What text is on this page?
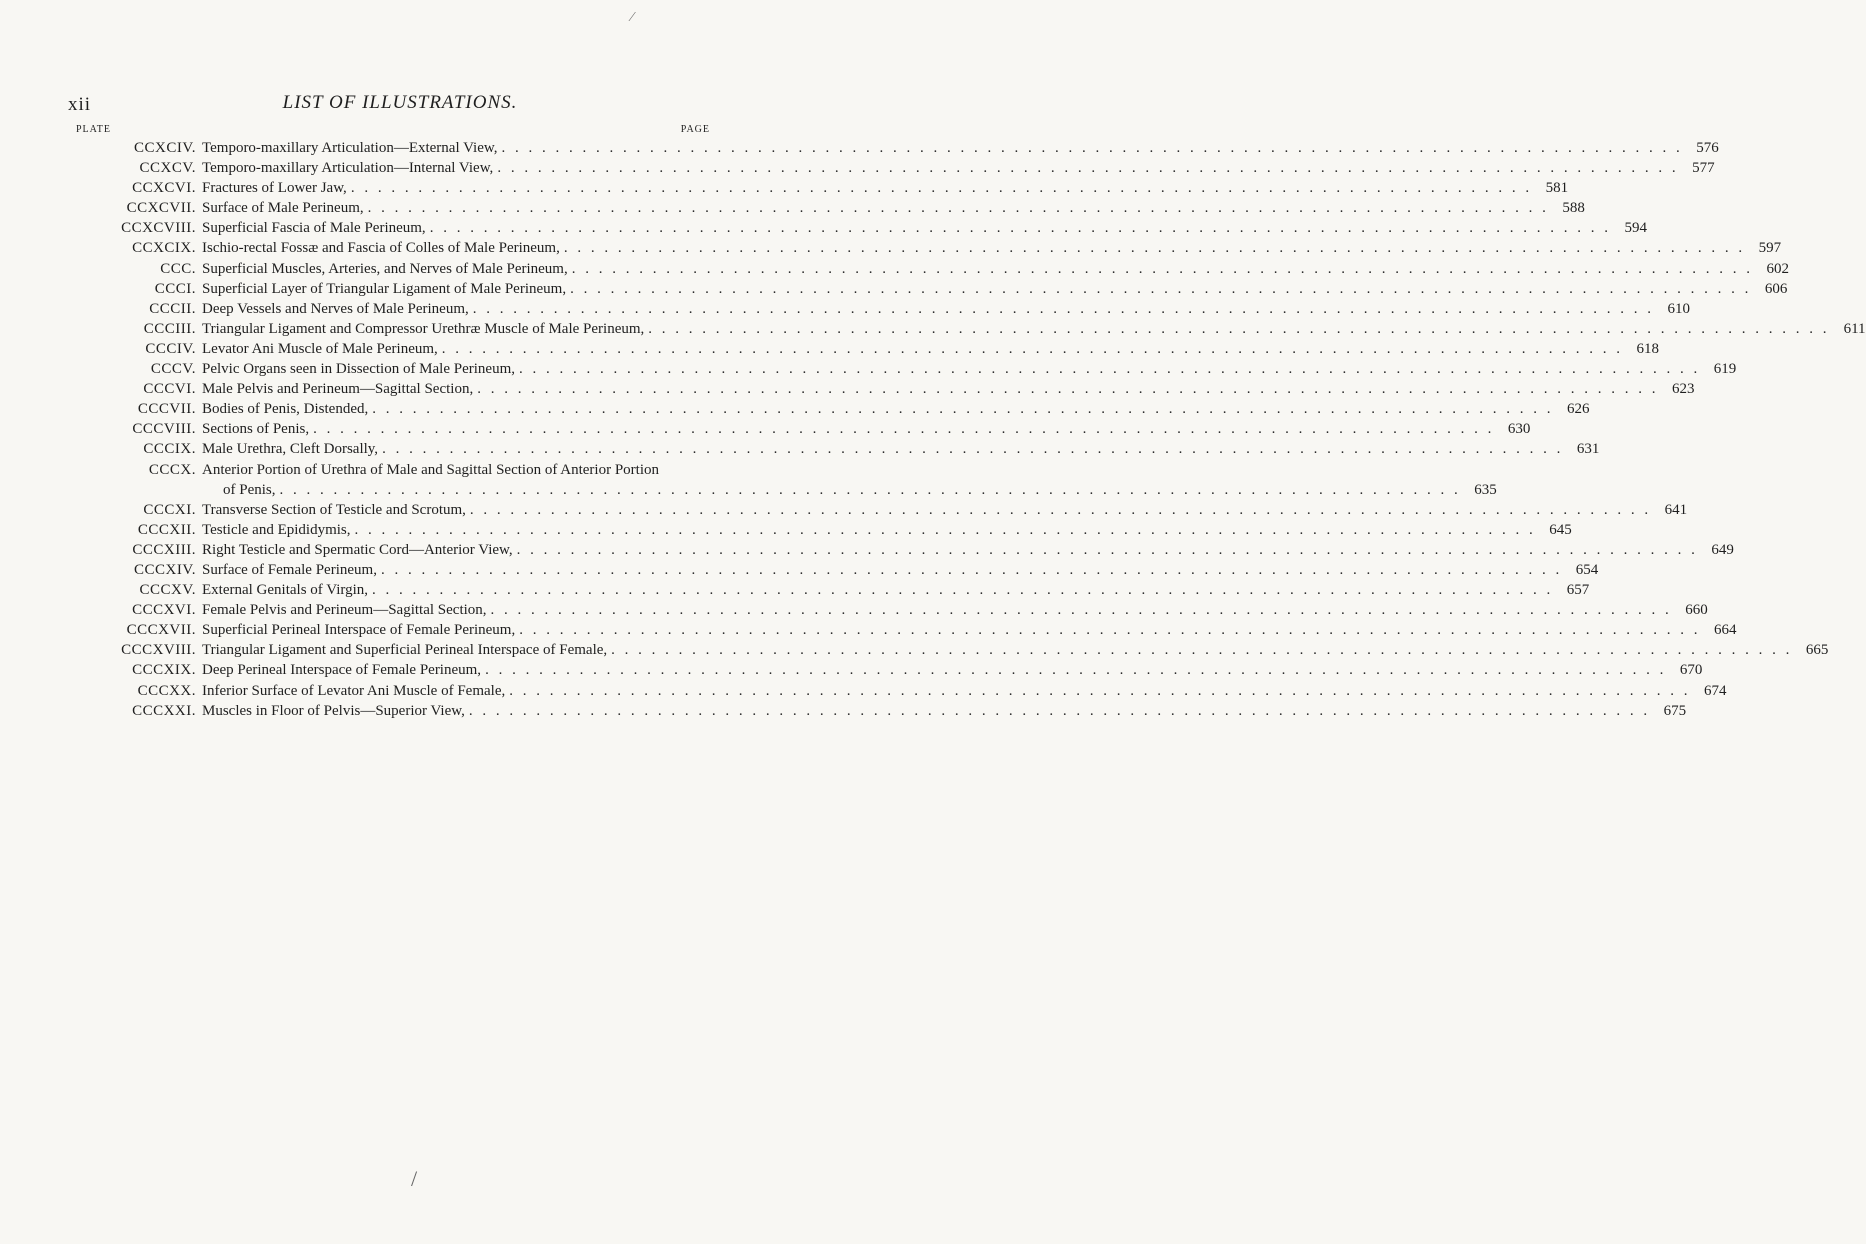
xii	LIST OF ILLUSTRATIONS.
PLATE	PAGE
CCXCIV. Temporo-maxillary Articulation—External View, . . .	576
CCXCV. Temporo-maxillary Articulation—Internal View, . . .	577
CCXCVI. Fractures of Lower Jaw, . . .	581
CCXCVII. Surface of Male Perineum, . . .	588
CCXCVIII. Superficial Fascia of Male Perineum, . . .	594
CCXCIX. Ischio-rectal Fossæ and Fascia of Colles of Male Perineum, . . .	597
CCC. Superficial Muscles, Arteries, and Nerves of Male Perineum, . . .	602
CCCI. Superficial Layer of Triangular Ligament of Male Perineum, . . .	606
CCCII. Deep Vessels and Nerves of Male Perineum, . . .	610
CCCIII. Triangular Ligament and Compressor Urethræ Muscle of Male Perineum, . . .	611
CCCIV. Levator Ani Muscle of Male Perineum, . . .	618
CCCV. Pelvic Organs seen in Dissection of Male Perineum, . . .	619
CCCVI. Male Pelvis and Perineum—Sagittal Section, . . .	623
CCCVII. Bodies of Penis, Distended, . . .	626
CCCVIII. Sections of Penis, . . .	630
CCCIX. Male Urethra, Cleft Dorsally, . . .	631
CCCX. Anterior Portion of Urethra of Male and Sagittal Section of Anterior Portion
of Penis, . . .	635
CCCXI. Transverse Section of Testicle and Scrotum, . . .	641
CCCXII. Testicle and Epididymis, . . .	645
CCCXIII. Right Testicle and Spermatic Cord—Anterior View, . . .	649
CCCXIV. Surface of Female Perineum, . . .	654
CCCXV. External Genitals of Virgin, . . .	657
CCCXVI. Female Pelvis and Perineum—Sagittal Section, . . .	660
CCCXVII. Superficial Perineal Interspace of Female Perineum, . . .	664
CCCXVIII. Triangular Ligament and Superficial Perineal Interspace of Female, . . .	665
CCCXIX. Deep Perineal Interspace of Female Perineum, . . .	670
CCCXX. Inferior Surface of Levator Ani Muscle of Female, . . .	674
CCCXXI. Muscles in Floor of Pelvis—Superior View, . . .	675
⁄
/
